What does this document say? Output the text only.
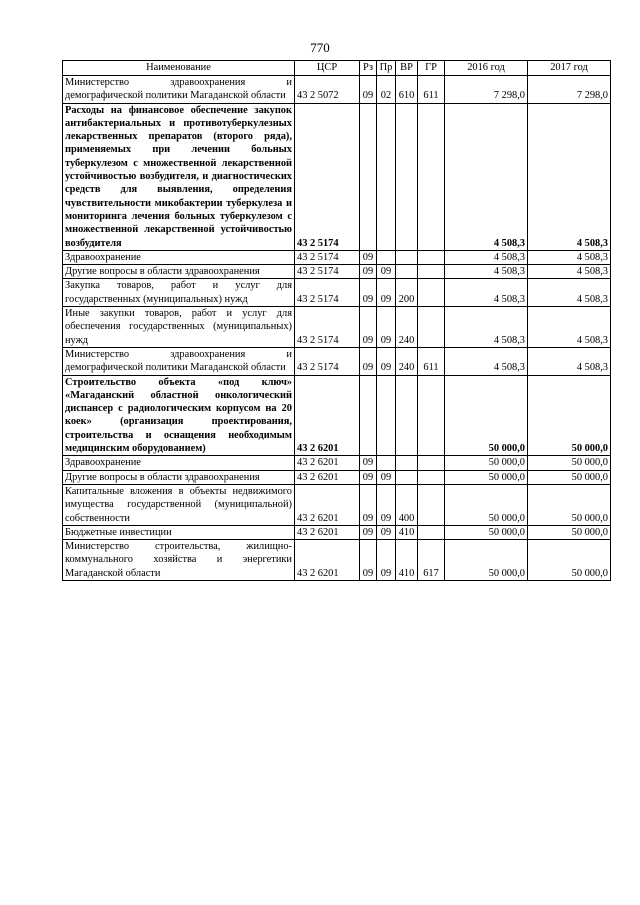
770
Наименование	ЦСР	Рз	Пр	ВР	ГР	2016 год	2017 год
Министерство здравоохранения и демографической политики Магаданской области	43 2 5072	09	02	610	611	7 298,0	7 298,0
Расходы на финансовое обеспечение закупок антибактериальных и противотуберкулезных лекарственных препаратов (второго ряда), применяемых при лечении больных туберкулезом с множественной лекарственной устойчивостью возбудителя, и диагностических средств для выявления, определения чувствительности микобактерии туберкулеза и мониторинга лечения больных туберкулезом с множественной лекарственной устойчивостью возбудителя	43 2 5174					4 508,3	4 508,3
Здравоохранение	43 2 5174	09				4 508,3	4 508,3
Другие вопросы в области здравоохранения	43 2 5174	09	09			4 508,3	4 508,3
Закупка товаров, работ и услуг для государственных (муниципальных) нужд	43 2 5174	09	09	200		4 508,3	4 508,3
Иные закупки товаров, работ и услуг для обеспечения государственных (муниципальных) нужд	43 2 5174	09	09	240		4 508,3	4 508,3
Министерство здравоохранения и демографической политики Магаданской области	43 2 5174	09	09	240	611	4 508,3	4 508,3
Строительство объекта «под ключ» «Магаданский областной онкологический диспансер с радиологическим корпусом на 20 коек» (организация проектирования, строительства и оснащения необходимым медицинским оборудованием)	43 2 6201					50 000,0	50 000,0
Здравоохранение	43 2 6201	09				50 000,0	50 000,0
Другие вопросы в области здравоохранения	43 2 6201	09	09			50 000,0	50 000,0
Капитальные вложения в объекты недвижимого имущества государственной (муниципальной) собственности	43 2 6201	09	09	400		50 000,0	50 000,0
Бюджетные инвестиции	43 2 6201	09	09	410		50 000,0	50 000,0
Министерство строительства, жилищно-коммунального хозяйства и энергетики Магаданской области	43 2 6201	09	09	410	617	50 000,0	50 000,0
